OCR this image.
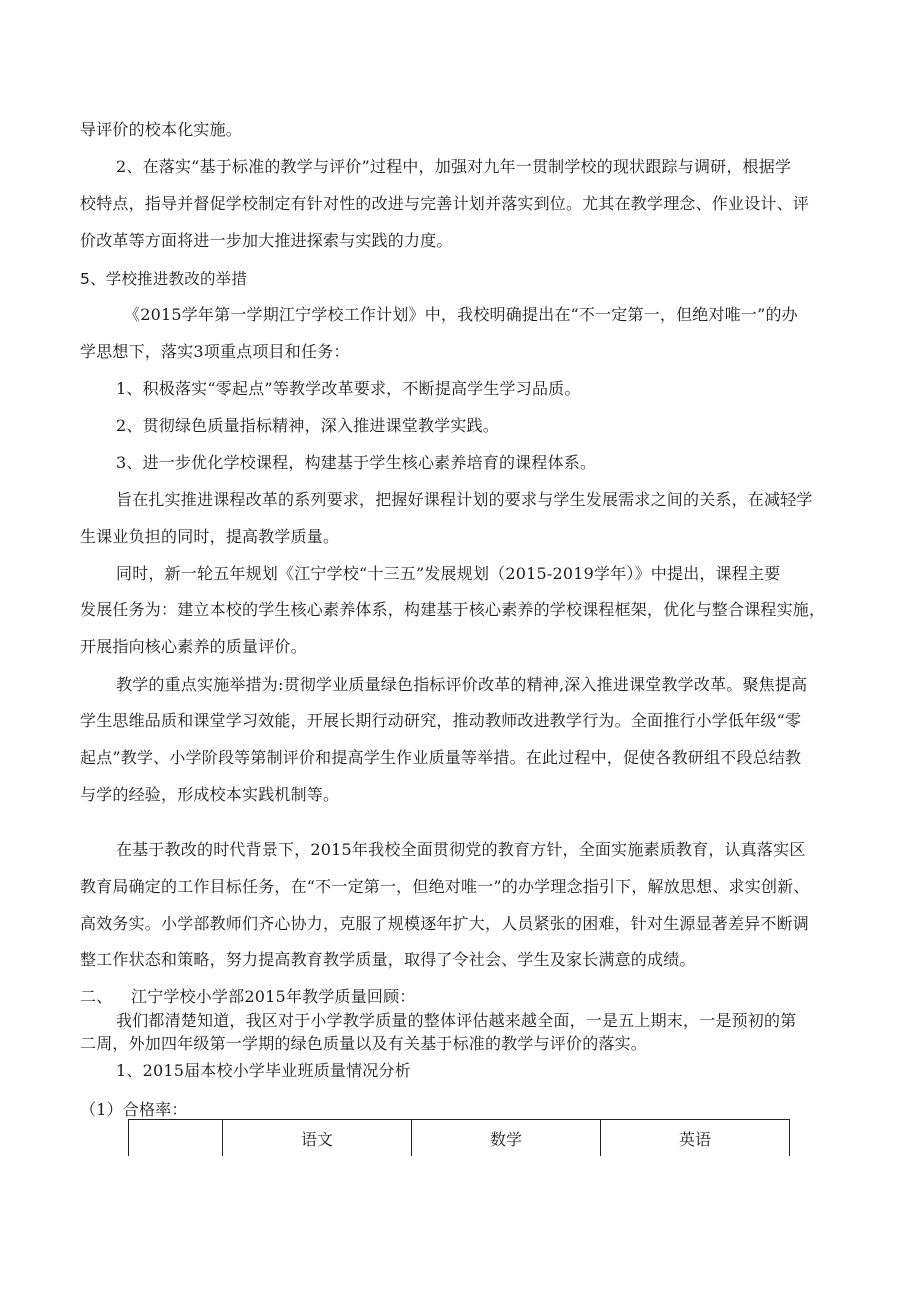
导评价的校本化实施。
2、在落实“基于标准的教学与评价”过程中，加强对九年一贯制学校的现状跟踪与调研，根据学
校特点，指导并督促学校制定有针对性的改进与完善计划并落实到位。尤其在教学理念、作业设计、评
价改革等方面将进一步加大推进探索与实践的力度。
5、学校推进教改的举措
《2015学年第一学期江宁学校工作计划》中，我校明确提出在“不一定第一，但绝对唯一”的办
学思想下，落实3项重点项目和任务：
1、积极落实“零起点”等教学改革要求，不断提高学生学习品质。
2、贯彻绿色质量指标精神，深入推进课堂教学实践。
3、进一步优化学校课程，构建基于学生核心素养培育的课程体系。
旨在扎实推进课程改革的系列要求，把握好课程计划的要求与学生发展需求之间的关系，在减轻学
生课业负担的同时，提高教学质量。
同时，新一轮五年规划《江宁学校“十三五”发展规划（2015-2019学年）》中提出，课程主要
发展任务为：建立本校的学生核心素养体系，构建基于核心素养的学校课程框架，优化与整合课程实施，
开展指向核心素养的质量评价。
教学的重点实施举措为:贯彻学业质量绿色指标评价改革的精神,深入推进课堂教学改革。聚焦提高
学生思维品质和课堂学习效能，开展长期行动研究，推动教师改进教学行为。全面推行小学低年级“零
起点”教学、小学阶段等第制评价和提高学生作业质量等举措。在此过程中，促使各教研组不段总结教
与学的经验，形成校本实践机制等。
在基于教改的时代背景下，2015年我校全面贯彻党的教育方针，全面实施素质教育，认真落实区
教育局确定的工作目标任务，在“不一定第一，但绝对唯一”的办学理念指引下，解放思想、求实创新、
高效务实。小学部教师们齐心协力，克服了规模逐年扩大，人员紧张的困难，针对生源显著差异不断调
整工作状态和策略，努力提高教育教学质量，取得了令社会、学生及家长满意的成绩。
二、 江宁学校小学部2015年教学质量回顾：
我们都清楚知道，我区对于小学教学质量的整体评估越来越全面，一是五上期末，一是预初的第
二周，外加四年级第一学期的绿色质量以及有关基于标准的教学与评价的落实。
1、2015届本校小学毕业班质量情况分析
（1）合格率：
	语文	数学	英语
